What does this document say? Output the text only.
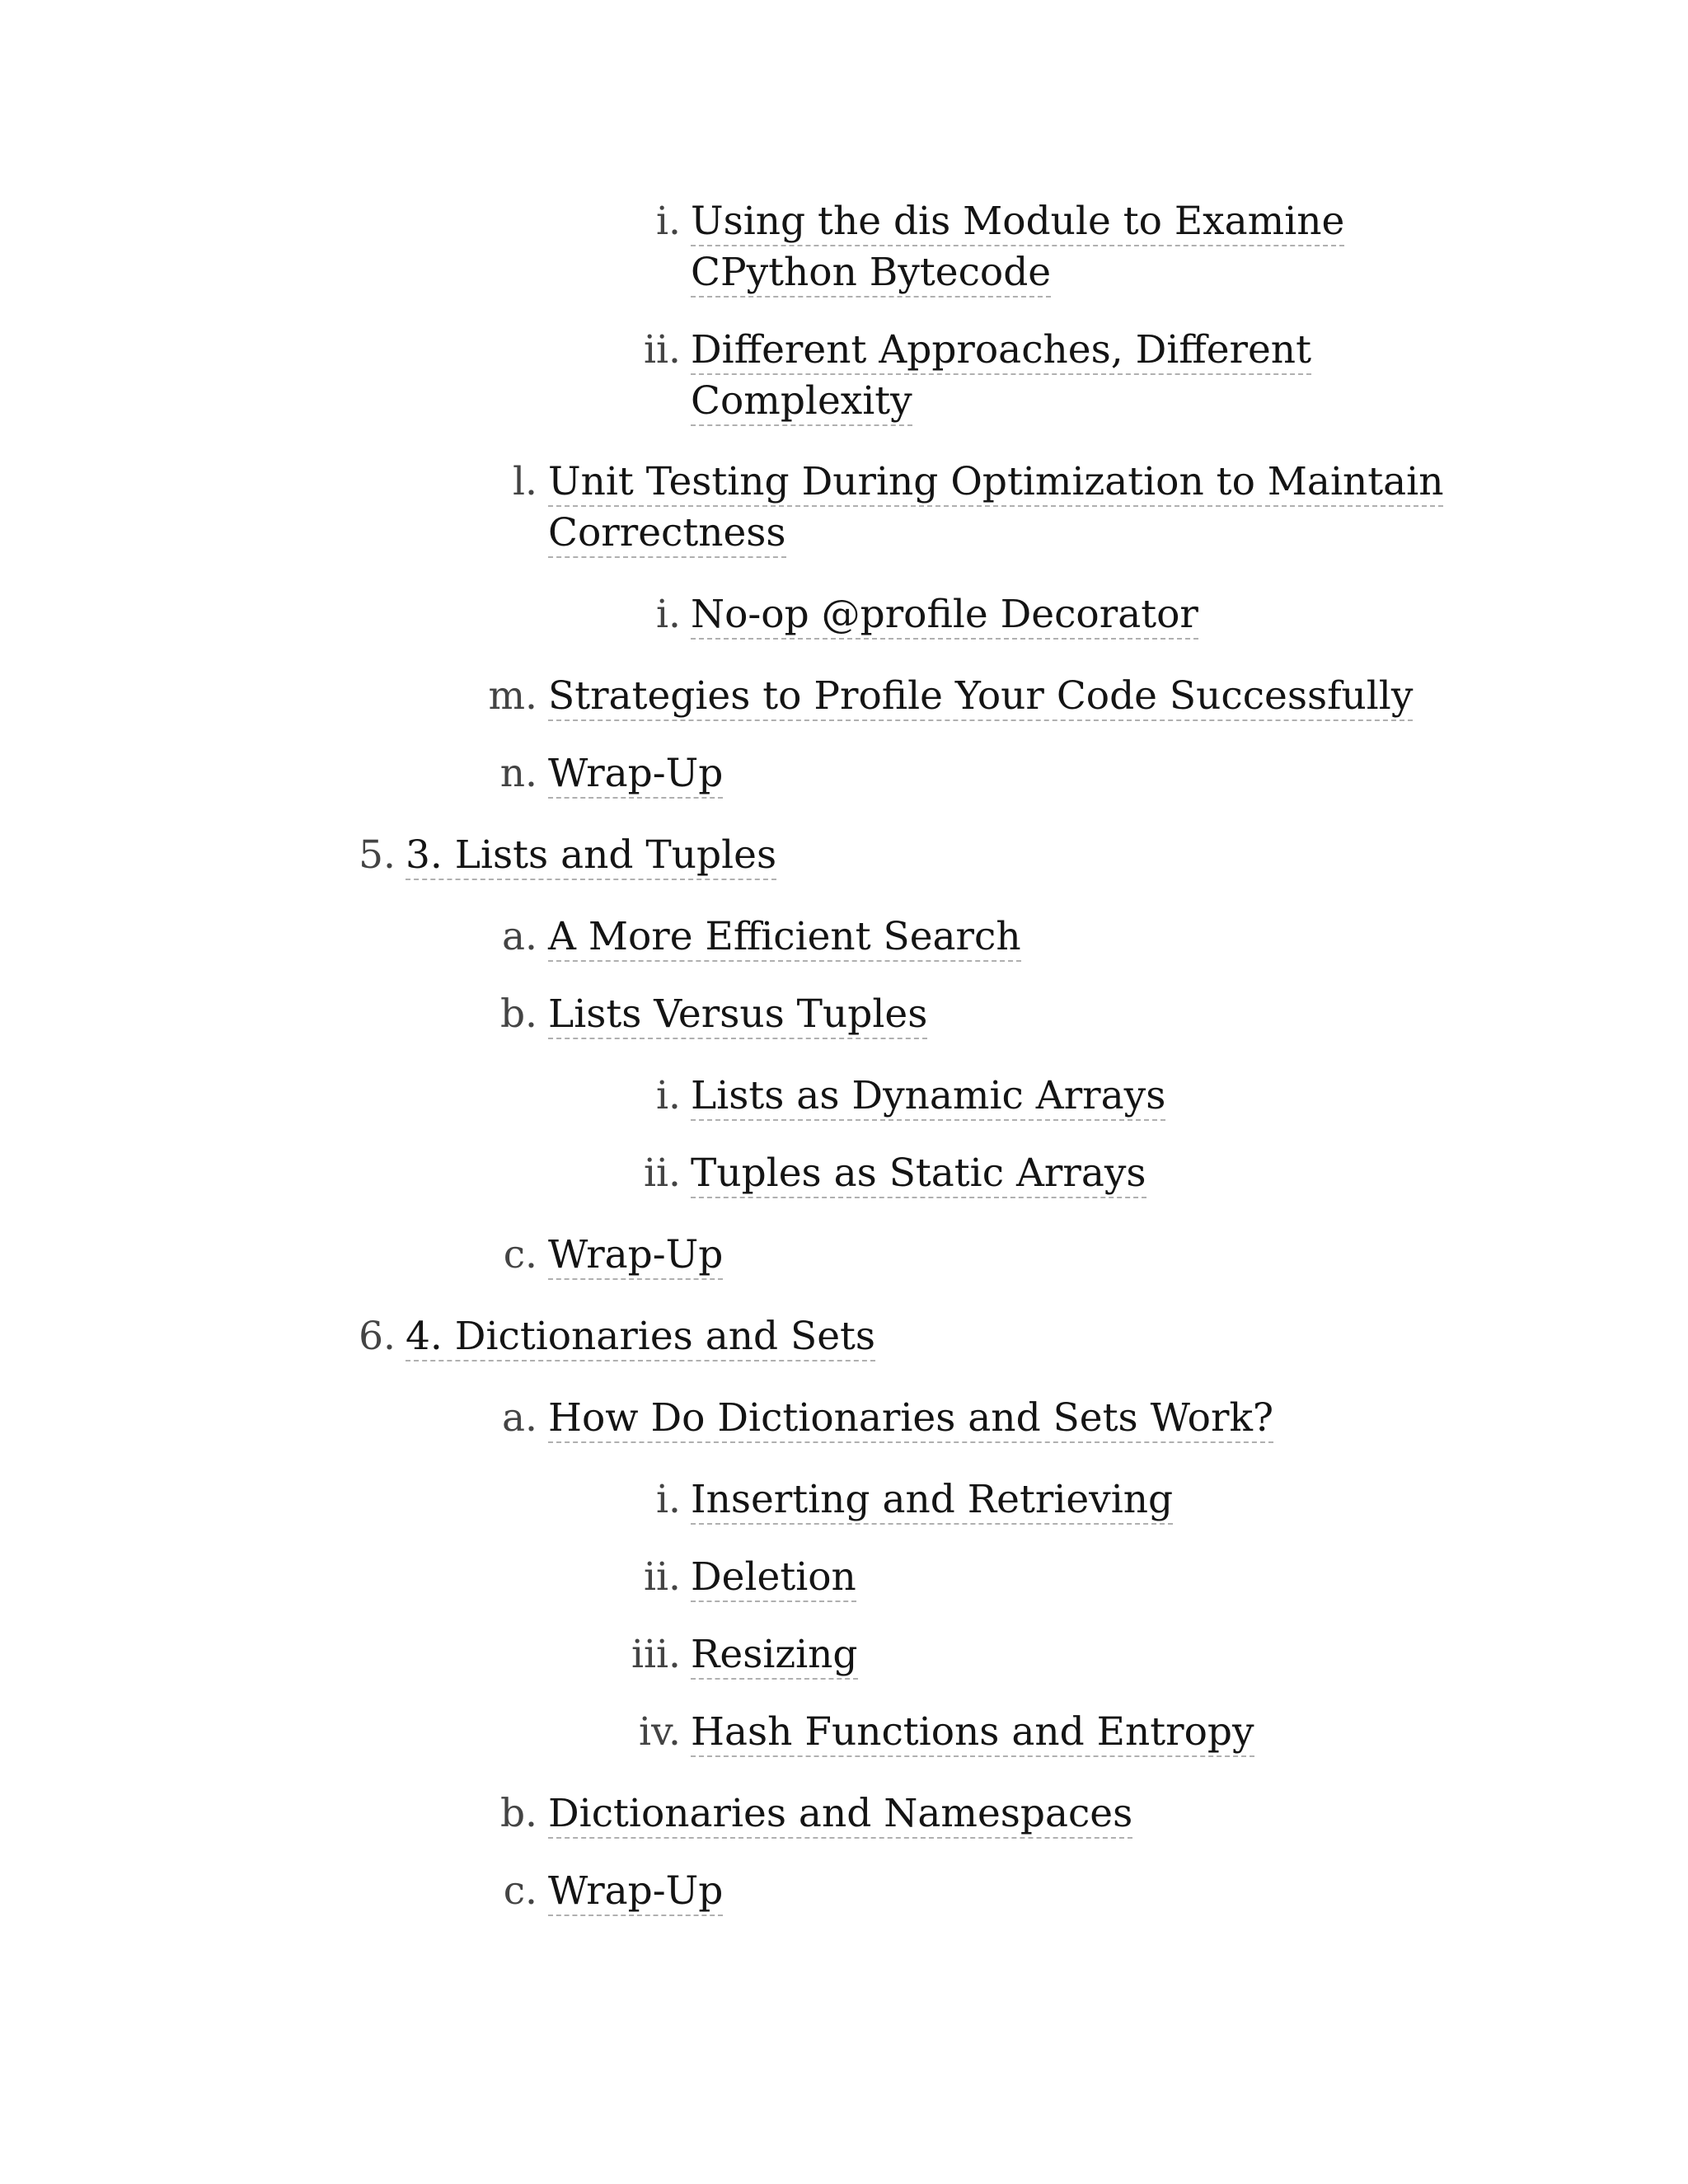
i. Using the dis Module to Examine
CPython Bytecode
ii. Different Approaches, Different
Complexity
l. Unit Testing During Optimization to Maintain
Correctness
i. No-op @profile Decorator
m. Strategies to Profile Your Code Successfully
n. Wrap-Up
5. 3. Lists and Tuples
a. A More Efficient Search
b. Lists Versus Tuples
i. Lists as Dynamic Arrays
ii. Tuples as Static Arrays
c. Wrap-Up
6. 4. Dictionaries and Sets
a. How Do Dictionaries and Sets Work?
i. Inserting and Retrieving
ii. Deletion
iii. Resizing
iv. Hash Functions and Entropy
b. Dictionaries and Namespaces
c. Wrap-Up
